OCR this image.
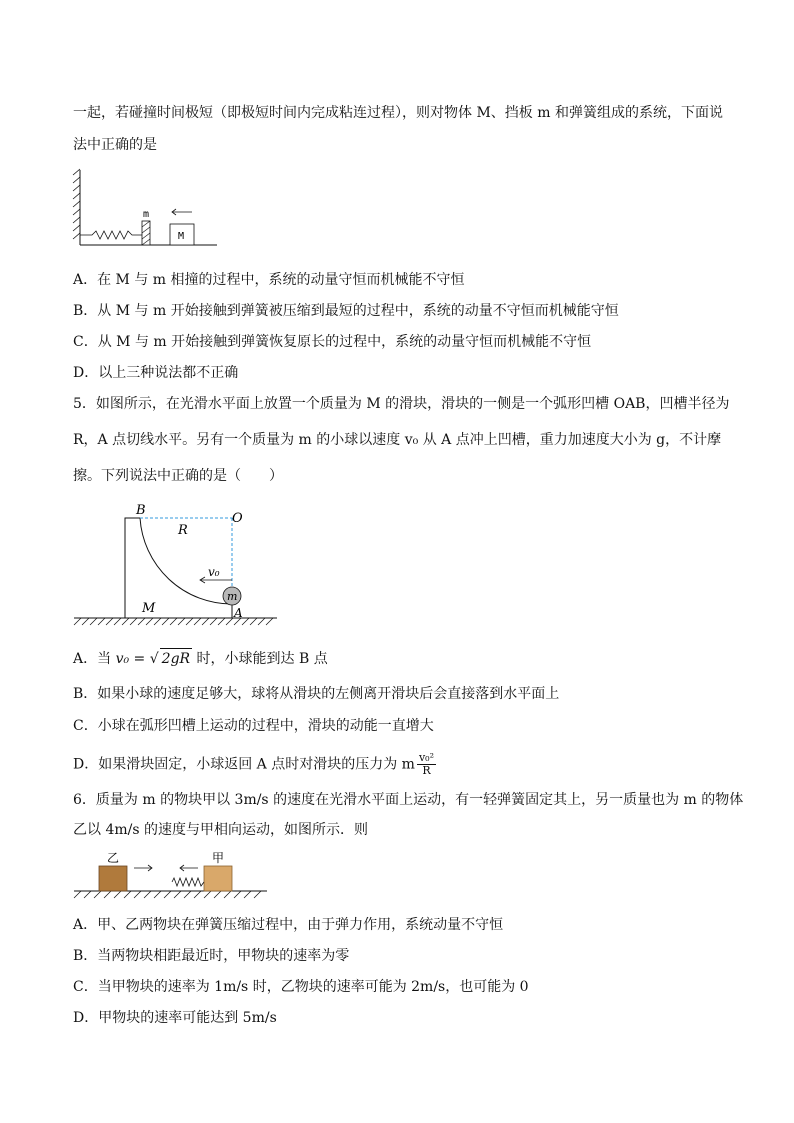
一起，若碰撞时间极短（即极短时间内完成粘连过程），则对物体 M、挡板 m 和弹簧组成的系统，下面说
法中正确的是
m
M
A．在 M 与 m 相撞的过程中，系统的动量守恒而机械能不守恒
B．从 M 与 m 开始接触到弹簧被压缩到最短的过程中，系统的动量不守恒而机械能守恒
C．从 M 与 m 开始接触到弹簧恢复原长的过程中，系统的动量守恒而机械能不守恒
D．以上三种说法都不正确
5．如图所示，在光滑水平面上放置一个质量为 M 的滑块，滑块的一侧是一个弧形凹槽 OAB，凹槽半径为
R，A 点切线水平。另有一个质量为 m 的小球以速度 v₀ 从 A 点冲上凹槽，重力加速度大小为 g，不计摩
擦。下列说法中正确的是（　　）
B
O
R
v₀
m
M	A
A．当 v₀ = √ 2gR 时，小球能到达 B 点
B．如果小球的速度足够大，球将从滑块的左侧离开滑块后会直接落到水平面上
C．小球在弧形凹槽上运动的过程中，滑块的动能一直增大
D．如果滑块固定，小球返回 A 点时对滑块的压力为 m $\frac{\text{v₀²}}{R}$
6．质量为 m 的物块甲以 3m/s 的速度在光滑水平面上运动，有一轻弹簧固定其上，另一质量也为 m 的物体
乙以 4m/s 的速度与甲相向运动，如图所示．则
乙	甲
A．甲、乙两物块在弹簧压缩过程中，由于弹力作用，系统动量不守恒
B．当两物块相距最近时，甲物块的速率为零
C．当甲物块的速率为 1m/s 时，乙物块的速率可能为 2m/s，也可能为 0
D．甲物块的速率可能达到 5m/s
